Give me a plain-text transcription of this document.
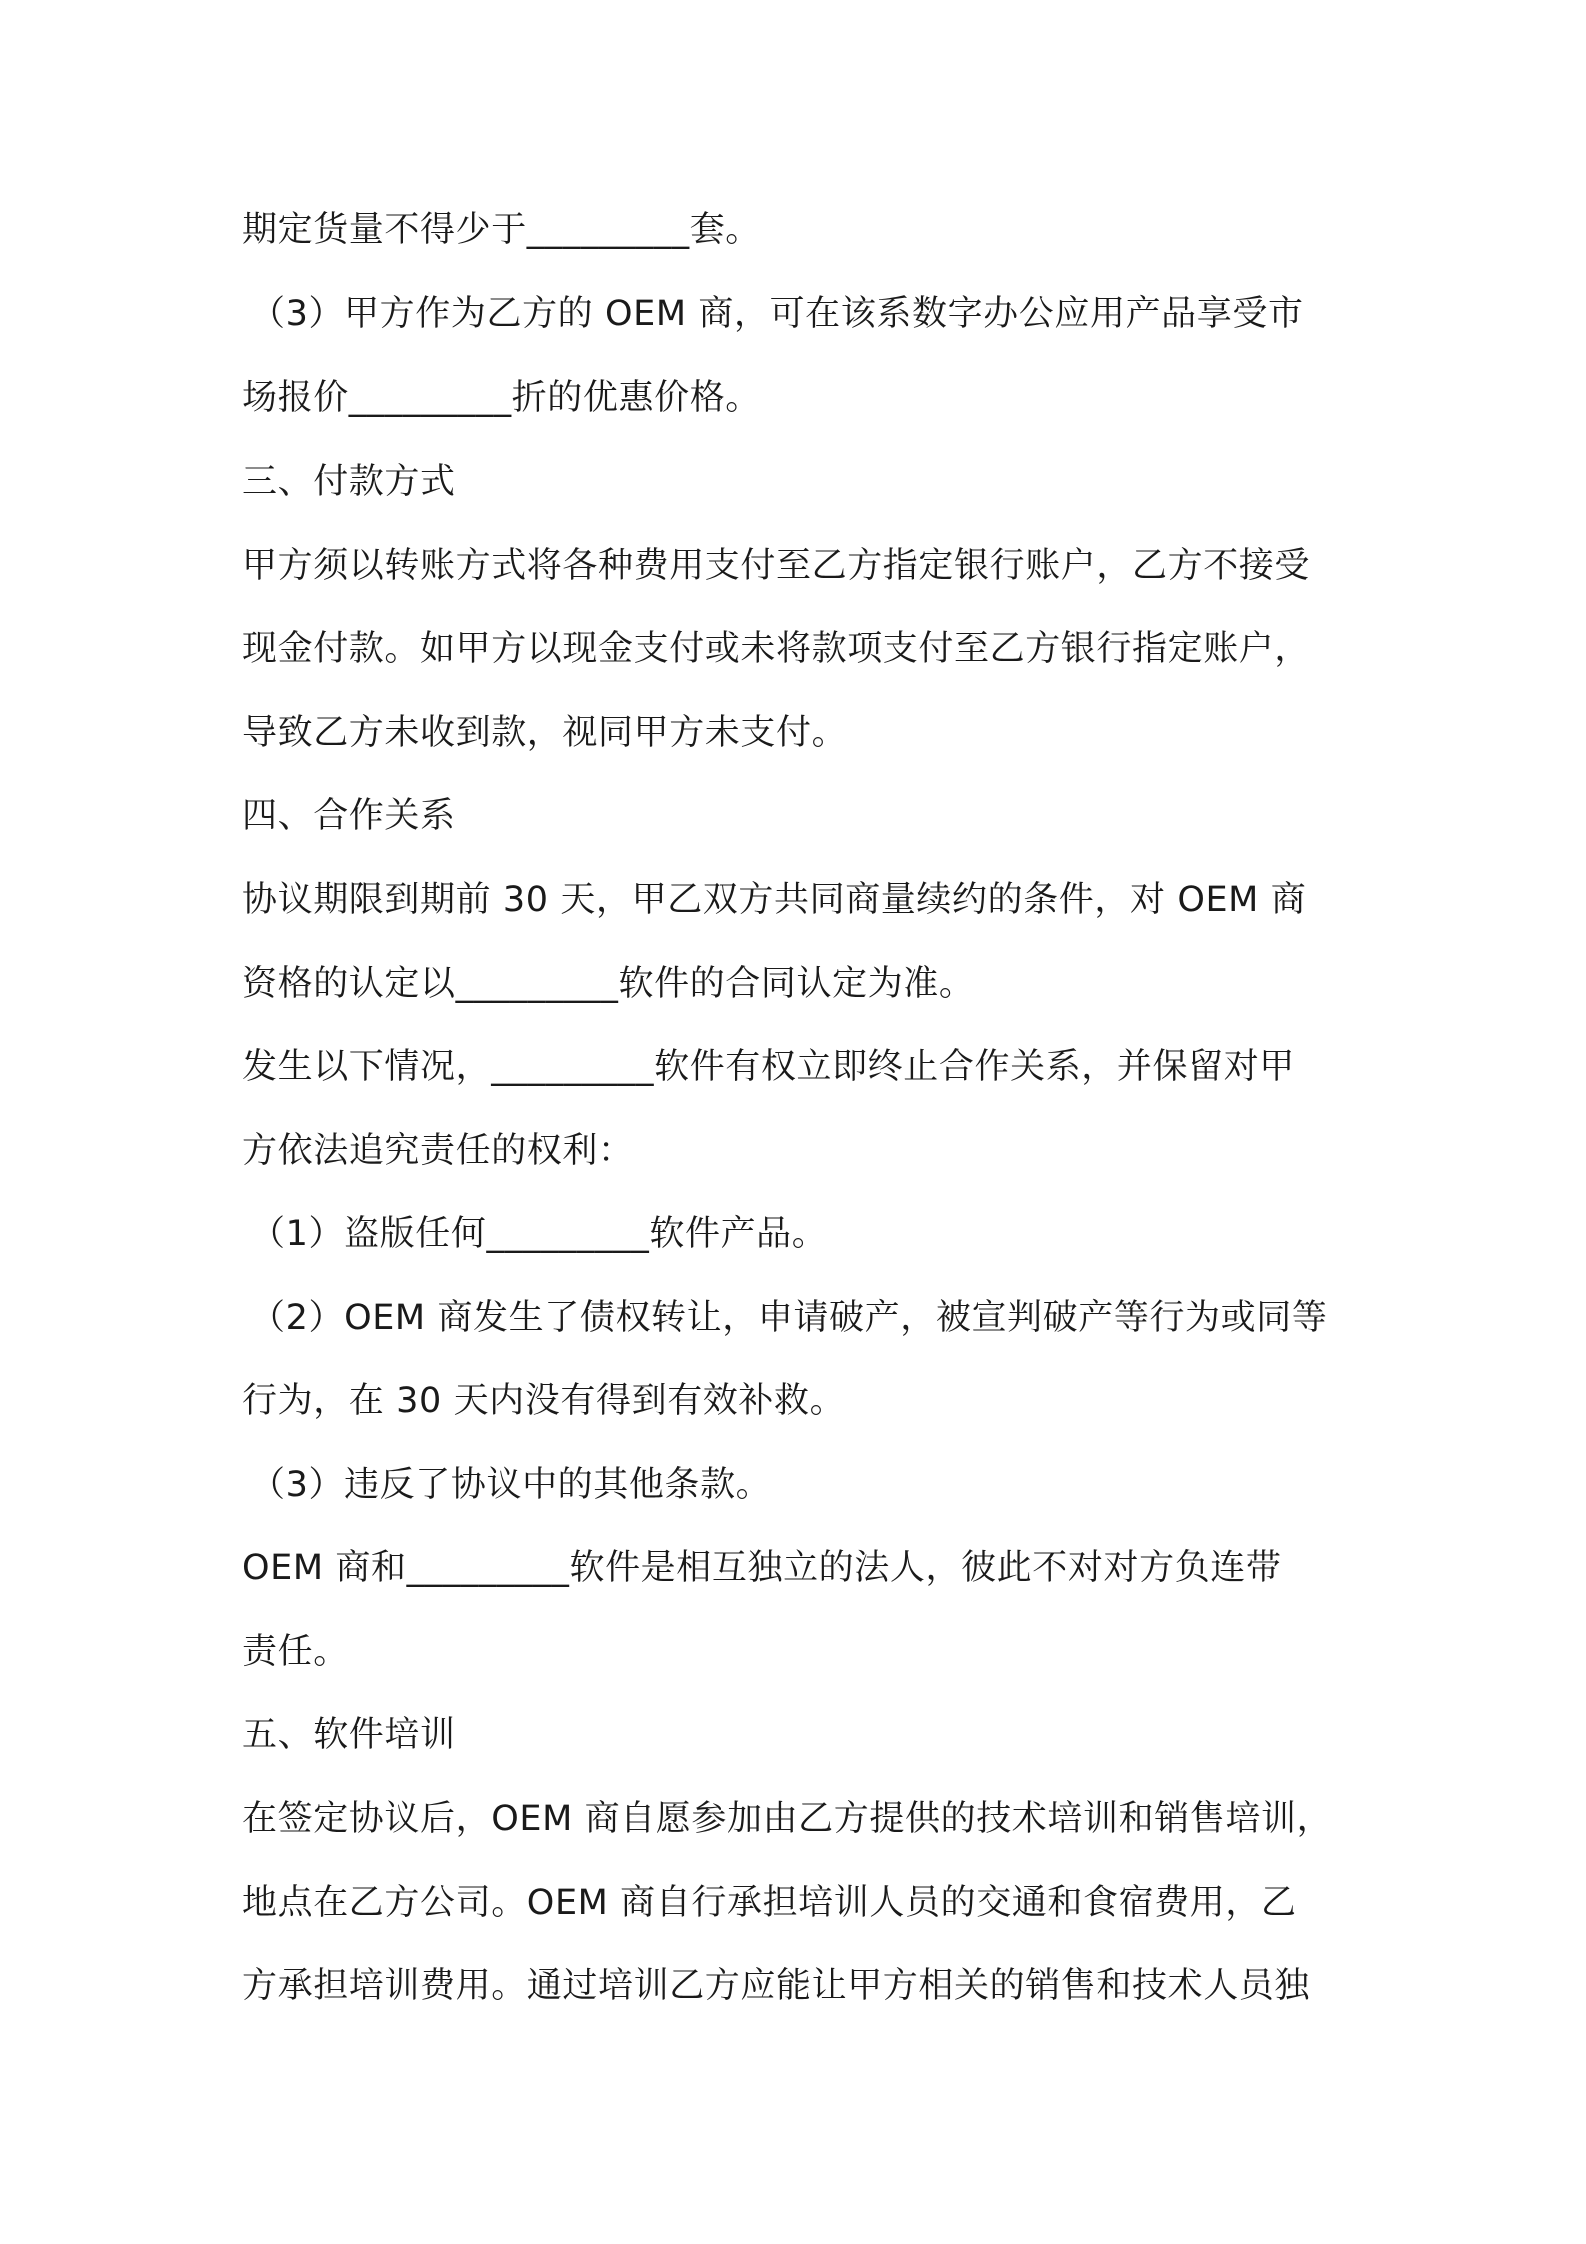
期定货量不得少于_________套。
（3）甲方作为乙方的 OEM 商，可在该系数字办公应用产品享受市
场报价_________折的优惠价格。
三、付款方式
甲方须以转账方式将各种费用支付至乙方指定银行账户，乙方不接受
现金付款。如甲方以现金支付或未将款项支付至乙方银行指定账户，
导致乙方未收到款，视同甲方未支付。
四、合作关系
协议期限到期前 30 天，甲乙双方共同商量续约的条件，对 OEM 商
资格的认定以_________软件的合同认定为准。
发生以下情况，_________软件有权立即终止合作关系，并保留对甲
方依法追究责任的权利：
（1）盗版任何_________软件产品。
（2）OEM 商发生了债权转让，申请破产，被宣判破产等行为或同等
行为，在 30 天内没有得到有效补救。
（3）违反了协议中的其他条款。
OEM 商和_________软件是相互独立的法人，彼此不对对方负连带
责任。
五、软件培训
在签定协议后，OEM 商自愿参加由乙方提供的技术培训和销售培训，
地点在乙方公司。OEM 商自行承担培训人员的交通和食宿费用，乙
方承担培训费用。通过培训乙方应能让甲方相关的销售和技术人员独
